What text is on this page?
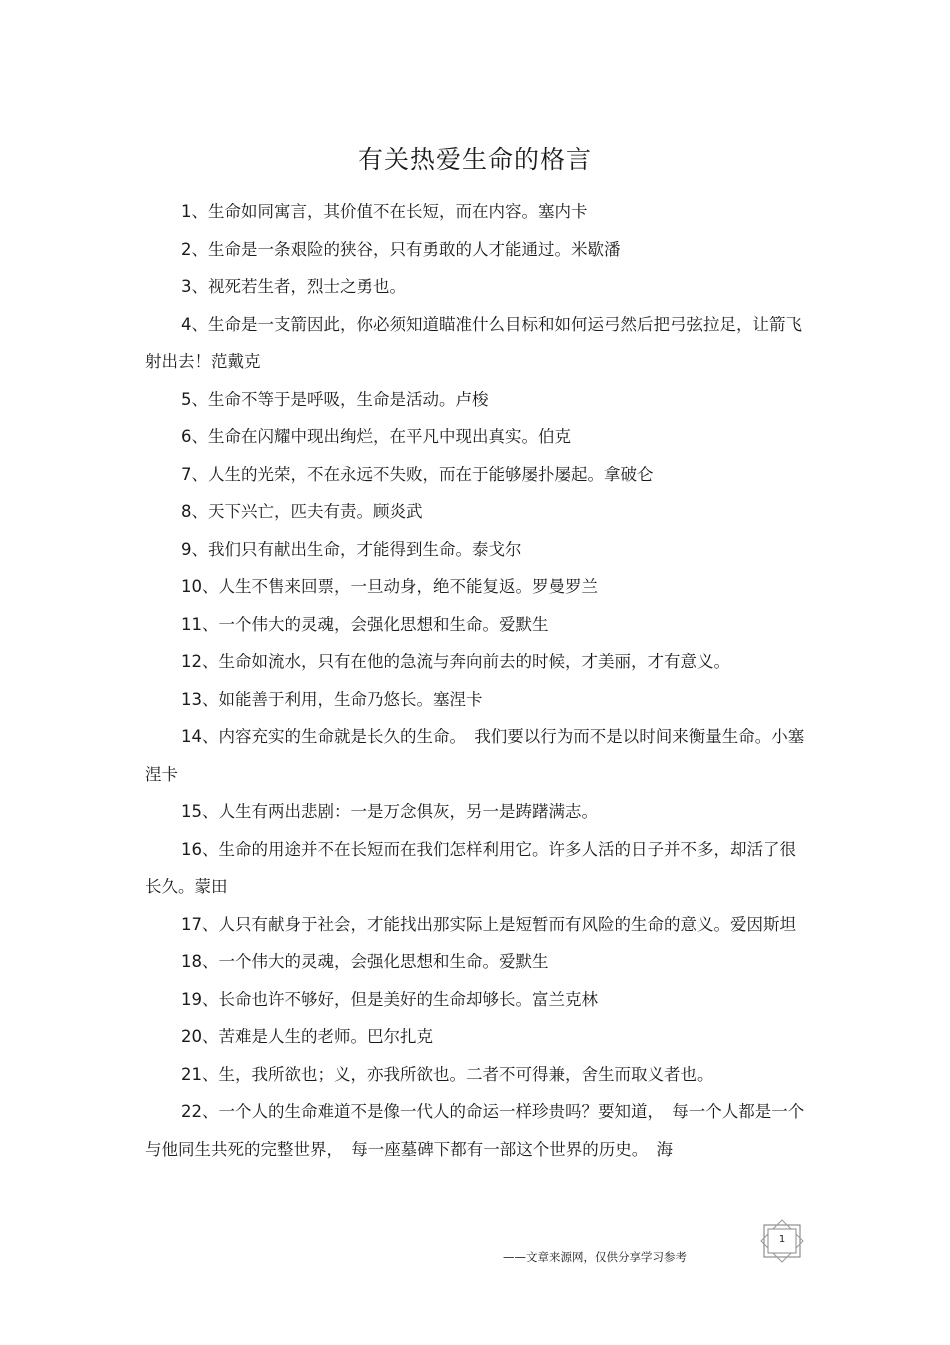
有关热爱生命的格言

1、生命如同寓言，其价值不在长短，而在内容。塞内卡

2、生命是一条艰险的狭谷，只有勇敢的人才能通过。米歇潘

3、视死若生者，烈士之勇也。

4、生命是一支箭因此，你必须知道瞄准什么目标和如何运弓然后把弓弦拉足，让箭飞射出去！范戴克

5、生命不等于是呼吸，生命是活动。卢梭

6、生命在闪耀中现出绚烂，在平凡中现出真实。伯克

7、人生的光荣，不在永远不失败，而在于能够屡扑屡起。拿破仑

8、天下兴亡，匹夫有责。顾炎武

9、我们只有献出生命，才能得到生命。泰戈尔

10、人生不售来回票，一旦动身，绝不能复返。罗曼罗兰

11、一个伟大的灵魂，会强化思想和生命。爱默生

12、生命如流水，只有在他的急流与奔向前去的时候，才美丽，才有意义。

13、如能善于利用，生命乃悠长。塞涅卡

14、内容充实的生命就是长久的生命。　我们要以行为而不是以时间来衡量生命。小塞涅卡

15、人生有两出悲剧：一是万念俱灰，另一是踌躇满志。

16、生命的用途并不在长短而在我们怎样利用它。许多人活的日子并不多，却活了很长久。蒙田

17、人只有献身于社会，才能找出那实际上是短暂而有风险的生命的意义。爱因斯坦

18、一个伟大的灵魂，会强化思想和生命。爱默生

19、长命也许不够好，但是美好的生命却够长。富兰克林

20、苦难是人生的老师。巴尔扎克

21、生，我所欲也；义，亦我所欲也。二者不可得兼，舍生而取义者也。

22、一个人的生命难道不是像一代人的命运一样珍贵吗？要知道，　每一个人都是一个与他同生共死的完整世界，　每一座墓碑下都有一部这个世界的历史。　海

1
——文章来源网，仅供分享学习参考
